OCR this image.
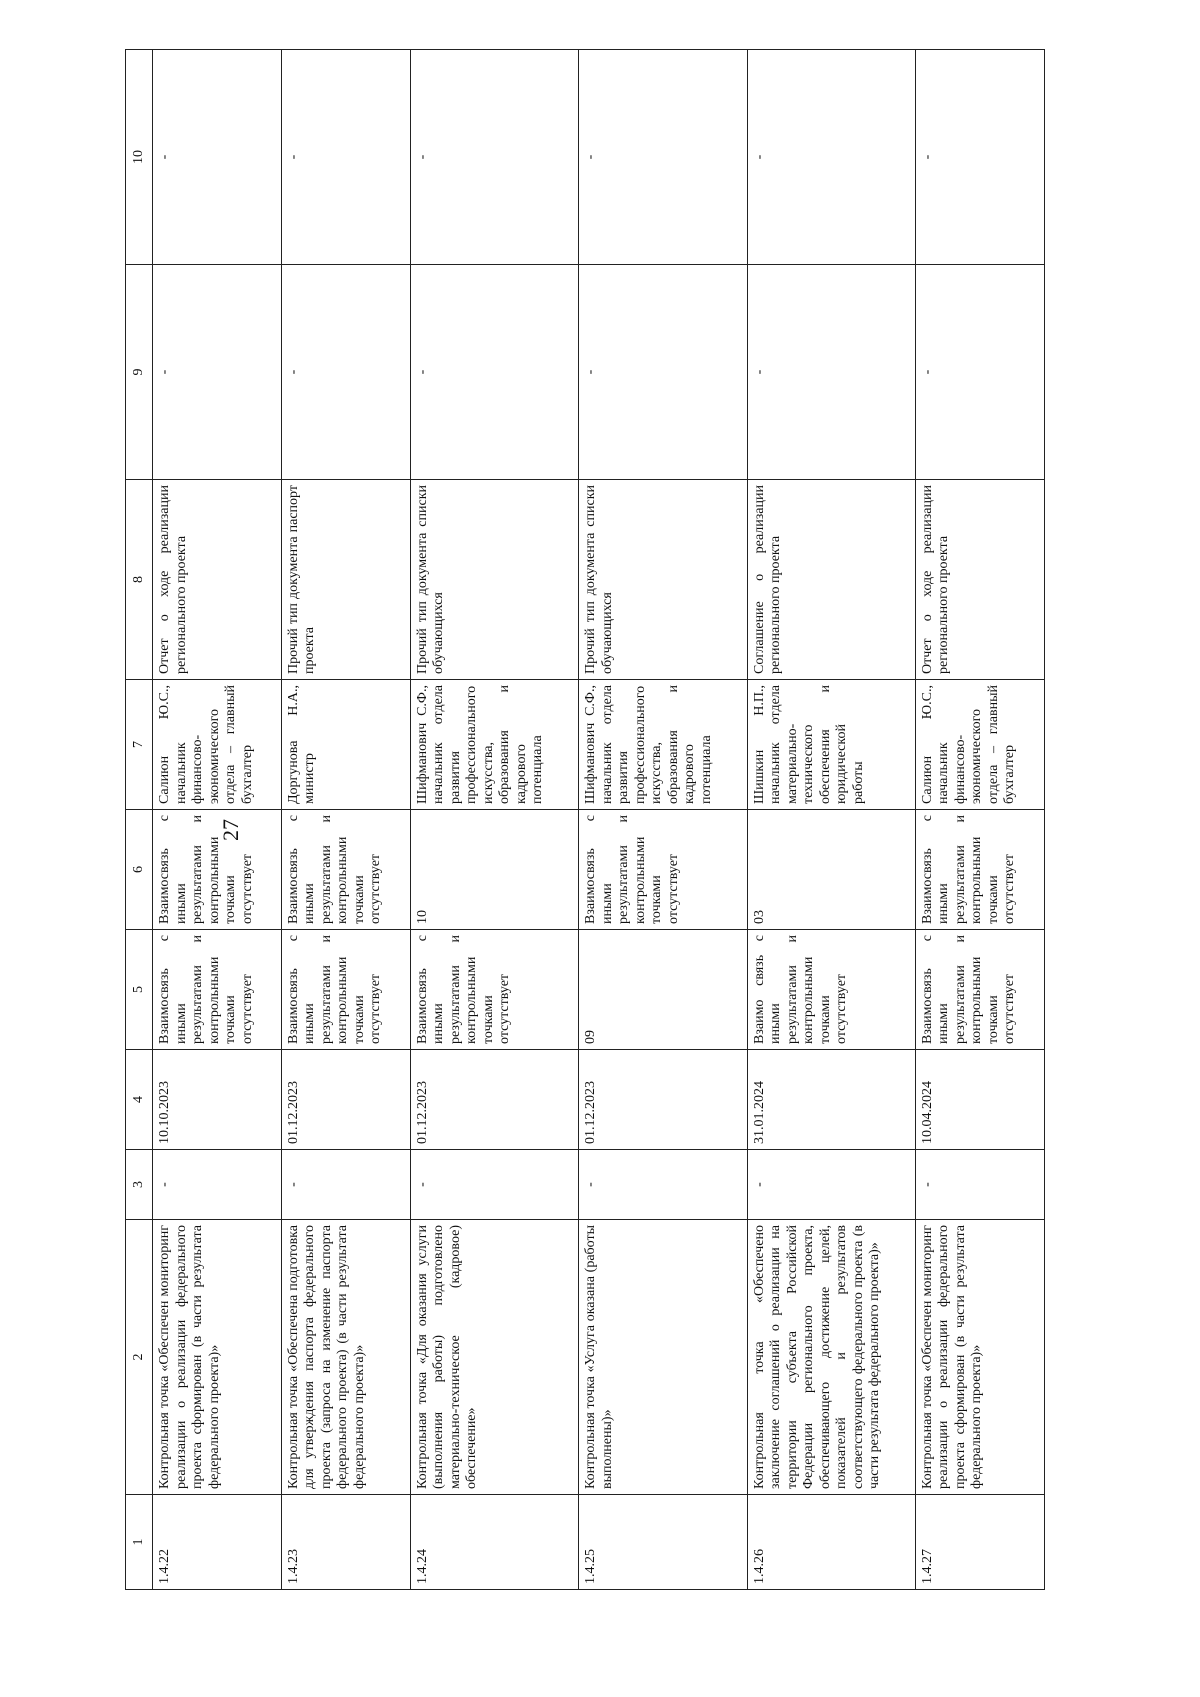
27
1	2	3	4	5	6	7	8	9	10
1.4.22	Контрольная точка «Обеспечен мониторинг реализации о реализации федерального проекта сформирован (в части результата федерального проекта)»	-	10.10.2023	Взаимосвязь с иными результатами и контрольными точками отсутствует	Взаимосвязь с иными результатами и контрольными точками отсутствует	Салиюн Ю.С., начальник финансово-экономического отдела – главный бухгалтер	Отчет о ходе реализации регионального проекта	-	-
1.4.23	Контрольная точка «Обеспечена подготовка для утверждения паспорта федерального проекта (запроса на изменение паспорта федерального проекта) (в части результата федерального проекта)»	-	01.12.2023	Взаимосвязь с иными результатами и контрольными точками отсутствует	Взаимосвязь с иными результатами и контрольными точками отсутствует	Доргунова Н.А., министр	Прочий тип документа паспорт проекта	-	-
1.4.24	Контрольная точка «Для оказания услуги (выполнения работы) подготовлено материально-техническое (кадровое) обеспечение»	-	01.12.2023	Взаимосвязь с иными результатами и контрольными точками отсутствует	10	Шифманович С.Ф., начальник отдела развития профессионального искусства, образования и кадрового потенциала	Прочий тип документа списки обучающихся	-	-
1.4.25	Контрольная точка «Услуга оказана (работы выполнены)»	-	01.12.2023	09	Взаимосвязь с иными результатами и контрольными точками отсутствует	Шифманович С.Ф., начальник отдела развития профессионального искусства, образования и кадрового потенциала	Прочий тип документа списки обучающихся	-	-
1.4.26	Контрольная точка «Обеспечено заключение соглашений о реализации на территории субъекта Российской Федерации регионального проекта, обеспечивающего достижение целей, показателей и результатов соответствующего федерального проекта (в части результата федерального проекта)»	-	31.01.2024	Взаимо связь с иными результатами и контрольными точками отсутствует	03	Шишкин Н.П., начальник отдела материально-технического обеспечения и юридической работы	Соглашение о реализации регионального проекта	-	-
1.4.27	Контрольная точка «Обеспечен мониторинг реализации о реализации федерального проекта сформирован (в части результата федерального проекта)»	-	10.04.2024	Взаимосвязь с иными результатами и контрольными точками отсутствует	Взаимосвязь с иными результатами и контрольными точками отсутствует	Салиюн Ю.С., начальник финансово-экономического отдела – главный бухгалтер	Отчет о ходе реализации регионального проекта	-	-
